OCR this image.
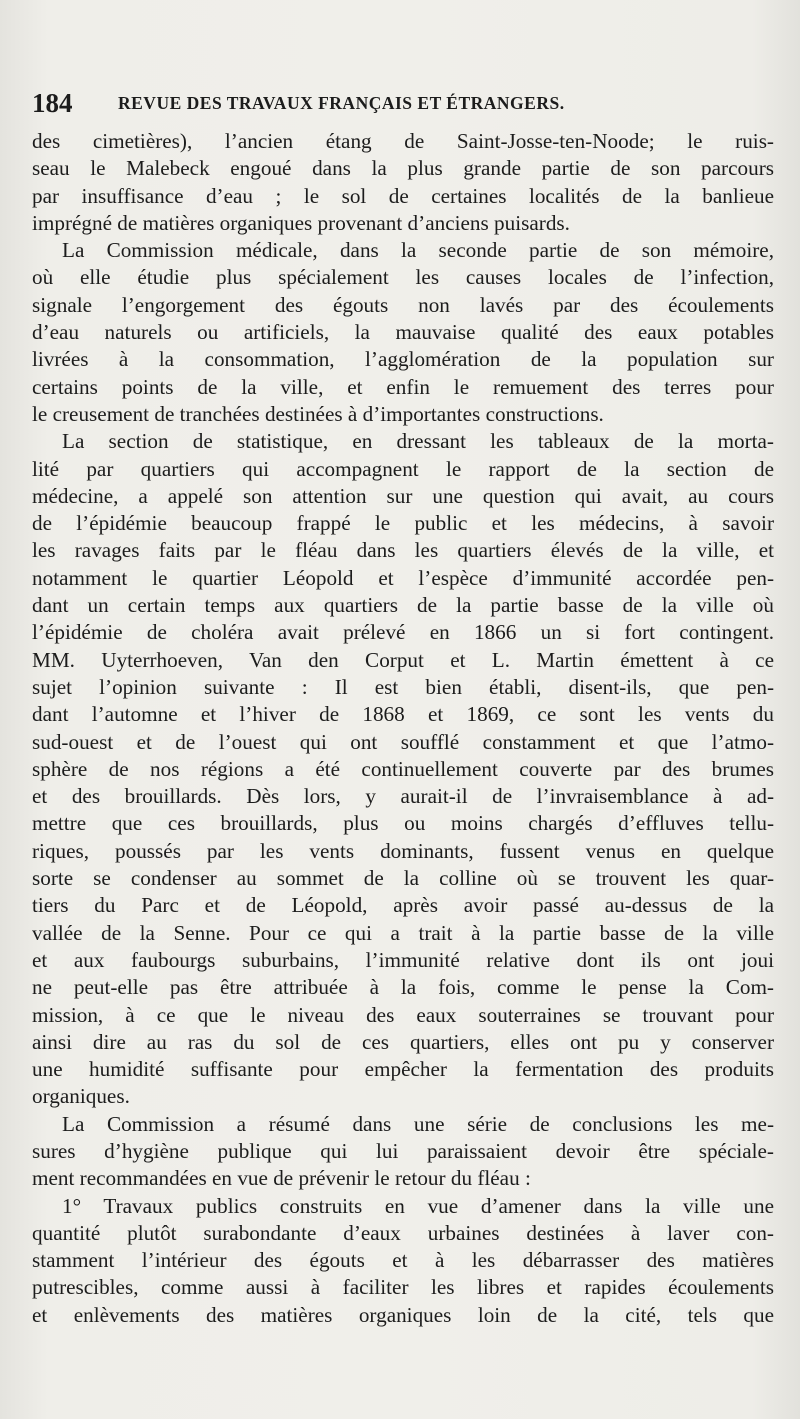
184	REVUE DES TRAVAUX FRANÇAIS ET ÉTRANGERS.
des cimetières), l’ancien étang de Saint-Josse-ten-Noode; le ruis-
seau le Malebeck engoué dans la plus grande partie de son parcours
par insuffisance d’eau ; le sol de certaines localités de la banlieue
imprégné de matières organiques provenant d’anciens puisards.
La Commission médicale, dans la seconde partie de son mémoire,
où elle étudie plus spécialement les causes locales de l’infection,
signale l’engorgement des égouts non lavés par des écoulements
d’eau naturels ou artificiels, la mauvaise qualité des eaux potables
livrées à la consommation, l’agglomération de la population sur
certains points de la ville, et enfin le remuement des terres pour
le creusement de tranchées destinées à d’importantes constructions.
La section de statistique, en dressant les tableaux de la morta-
lité par quartiers qui accompagnent le rapport de la section de
médecine, a appelé son attention sur une question qui avait, au cours
de l’épidémie beaucoup frappé le public et les médecins, à savoir
les ravages faits par le fléau dans les quartiers élevés de la ville, et
notamment le quartier Léopold et l’espèce d’immunité accordée pen-
dant un certain temps aux quartiers de la partie basse de la ville où
l’épidémie de choléra avait prélevé en 1866 un si fort contingent.
MM. Uyterrhoeven, Van den Corput et L. Martin émettent à ce
sujet l’opinion suivante : Il est bien établi, disent-ils, que pen-
dant l’automne et l’hiver de 1868 et 1869, ce sont les vents du
sud-ouest et de l’ouest qui ont soufflé constamment et que l’atmo-
sphère de nos régions a été continuellement couverte par des brumes
et des brouillards. Dès lors, y aurait-il de l’invraisemblance à ad-
mettre que ces brouillards, plus ou moins chargés d’effluves tellu-
riques, poussés par les vents dominants, fussent venus en quelque
sorte se condenser au sommet de la colline où se trouvent les quar-
tiers du Parc et de Léopold, après avoir passé au-dessus de la
vallée de la Senne. Pour ce qui a trait à la partie basse de la ville
et aux faubourgs suburbains, l’immunité relative dont ils ont joui
ne peut-elle pas être attribuée à la fois, comme le pense la Com-
mission, à ce que le niveau des eaux souterraines se trouvant pour
ainsi dire au ras du sol de ces quartiers, elles ont pu y conserver
une humidité suffisante pour empêcher la fermentation des produits
organiques.
La Commission a résumé dans une série de conclusions les me-
sures d’hygiène publique qui lui paraissaient devoir être spéciale-
ment recommandées en vue de prévenir le retour du fléau :
1° Travaux publics construits en vue d’amener dans la ville une
quantité plutôt surabondante d’eaux urbaines destinées à laver con-
stamment l’intérieur des égouts et à les débarrasser des matières
putrescibles, comme aussi à faciliter les libres et rapides écoulements
et enlèvements des matières organiques loin de la cité, tels que
